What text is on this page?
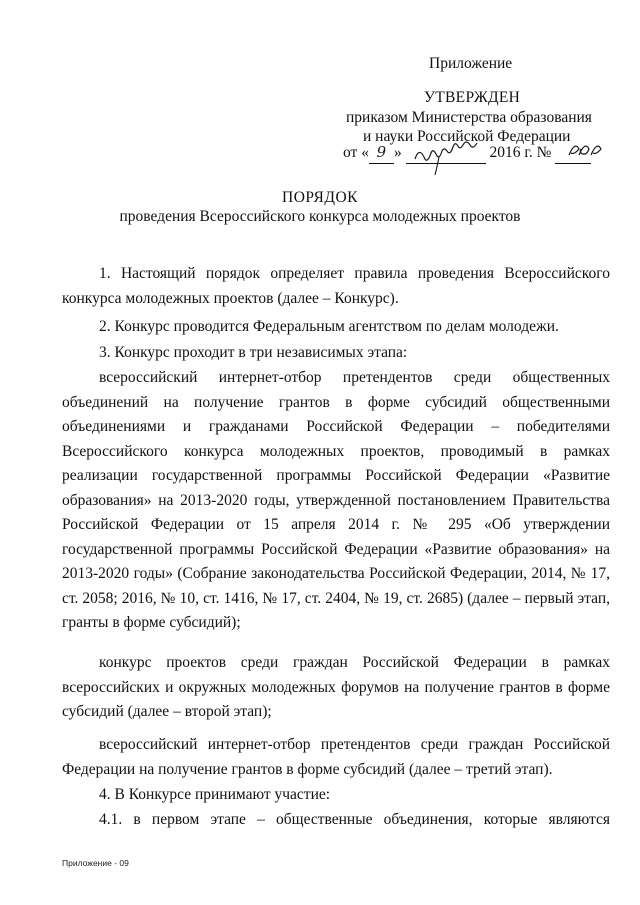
Приложение
УТВЕРЖДЕН
приказом Министерства образования
и науки Российской Федерации
от « 9 »	2016 г. №
ПОРЯДОК
проведения Всероссийского конкурса молодежных проектов
1. Настоящий порядок определяет правила проведения Всероссийского конкурса молодежных проектов (далее – Конкурс).
2. Конкурс проводится Федеральным агентством по делам молодежи.
3. Конкурс проходит в три независимых этапа:
всероссийский интернет-отбор претендентов среди общественных объединений на получение грантов в форме субсидий общественными объединениями и гражданами Российской Федерации – победителями Всероссийского конкурса молодежных проектов, проводимый в рамках реализации государственной программы Российской Федерации «Развитие образования» на 2013-2020 годы, утвержденной постановлением Правительства Российской Федерации от 15 апреля 2014 г. № 295 «Об утверждении государственной программы Российской Федерации «Развитие образования» на 2013-2020 годы» (Собрание законодательства Российской Федерации, 2014, № 17, ст. 2058; 2016, № 10, ст. 1416, № 17, ст. 2404, № 19, ст. 2685) (далее – первый этап, гранты в форме субсидий);
конкурс проектов среди граждан Российской Федерации в рамках всероссийских и окружных молодежных форумов на получение грантов в форме субсидий (далее – второй этап);
всероссийский интернет-отбор претендентов среди граждан Российской Федерации на получение грантов в форме субсидий (далее – третий этап).
4. В Конкурсе принимают участие:
4.1. в первом этапе – общественные объединения, которые являются
Приложение - 09
